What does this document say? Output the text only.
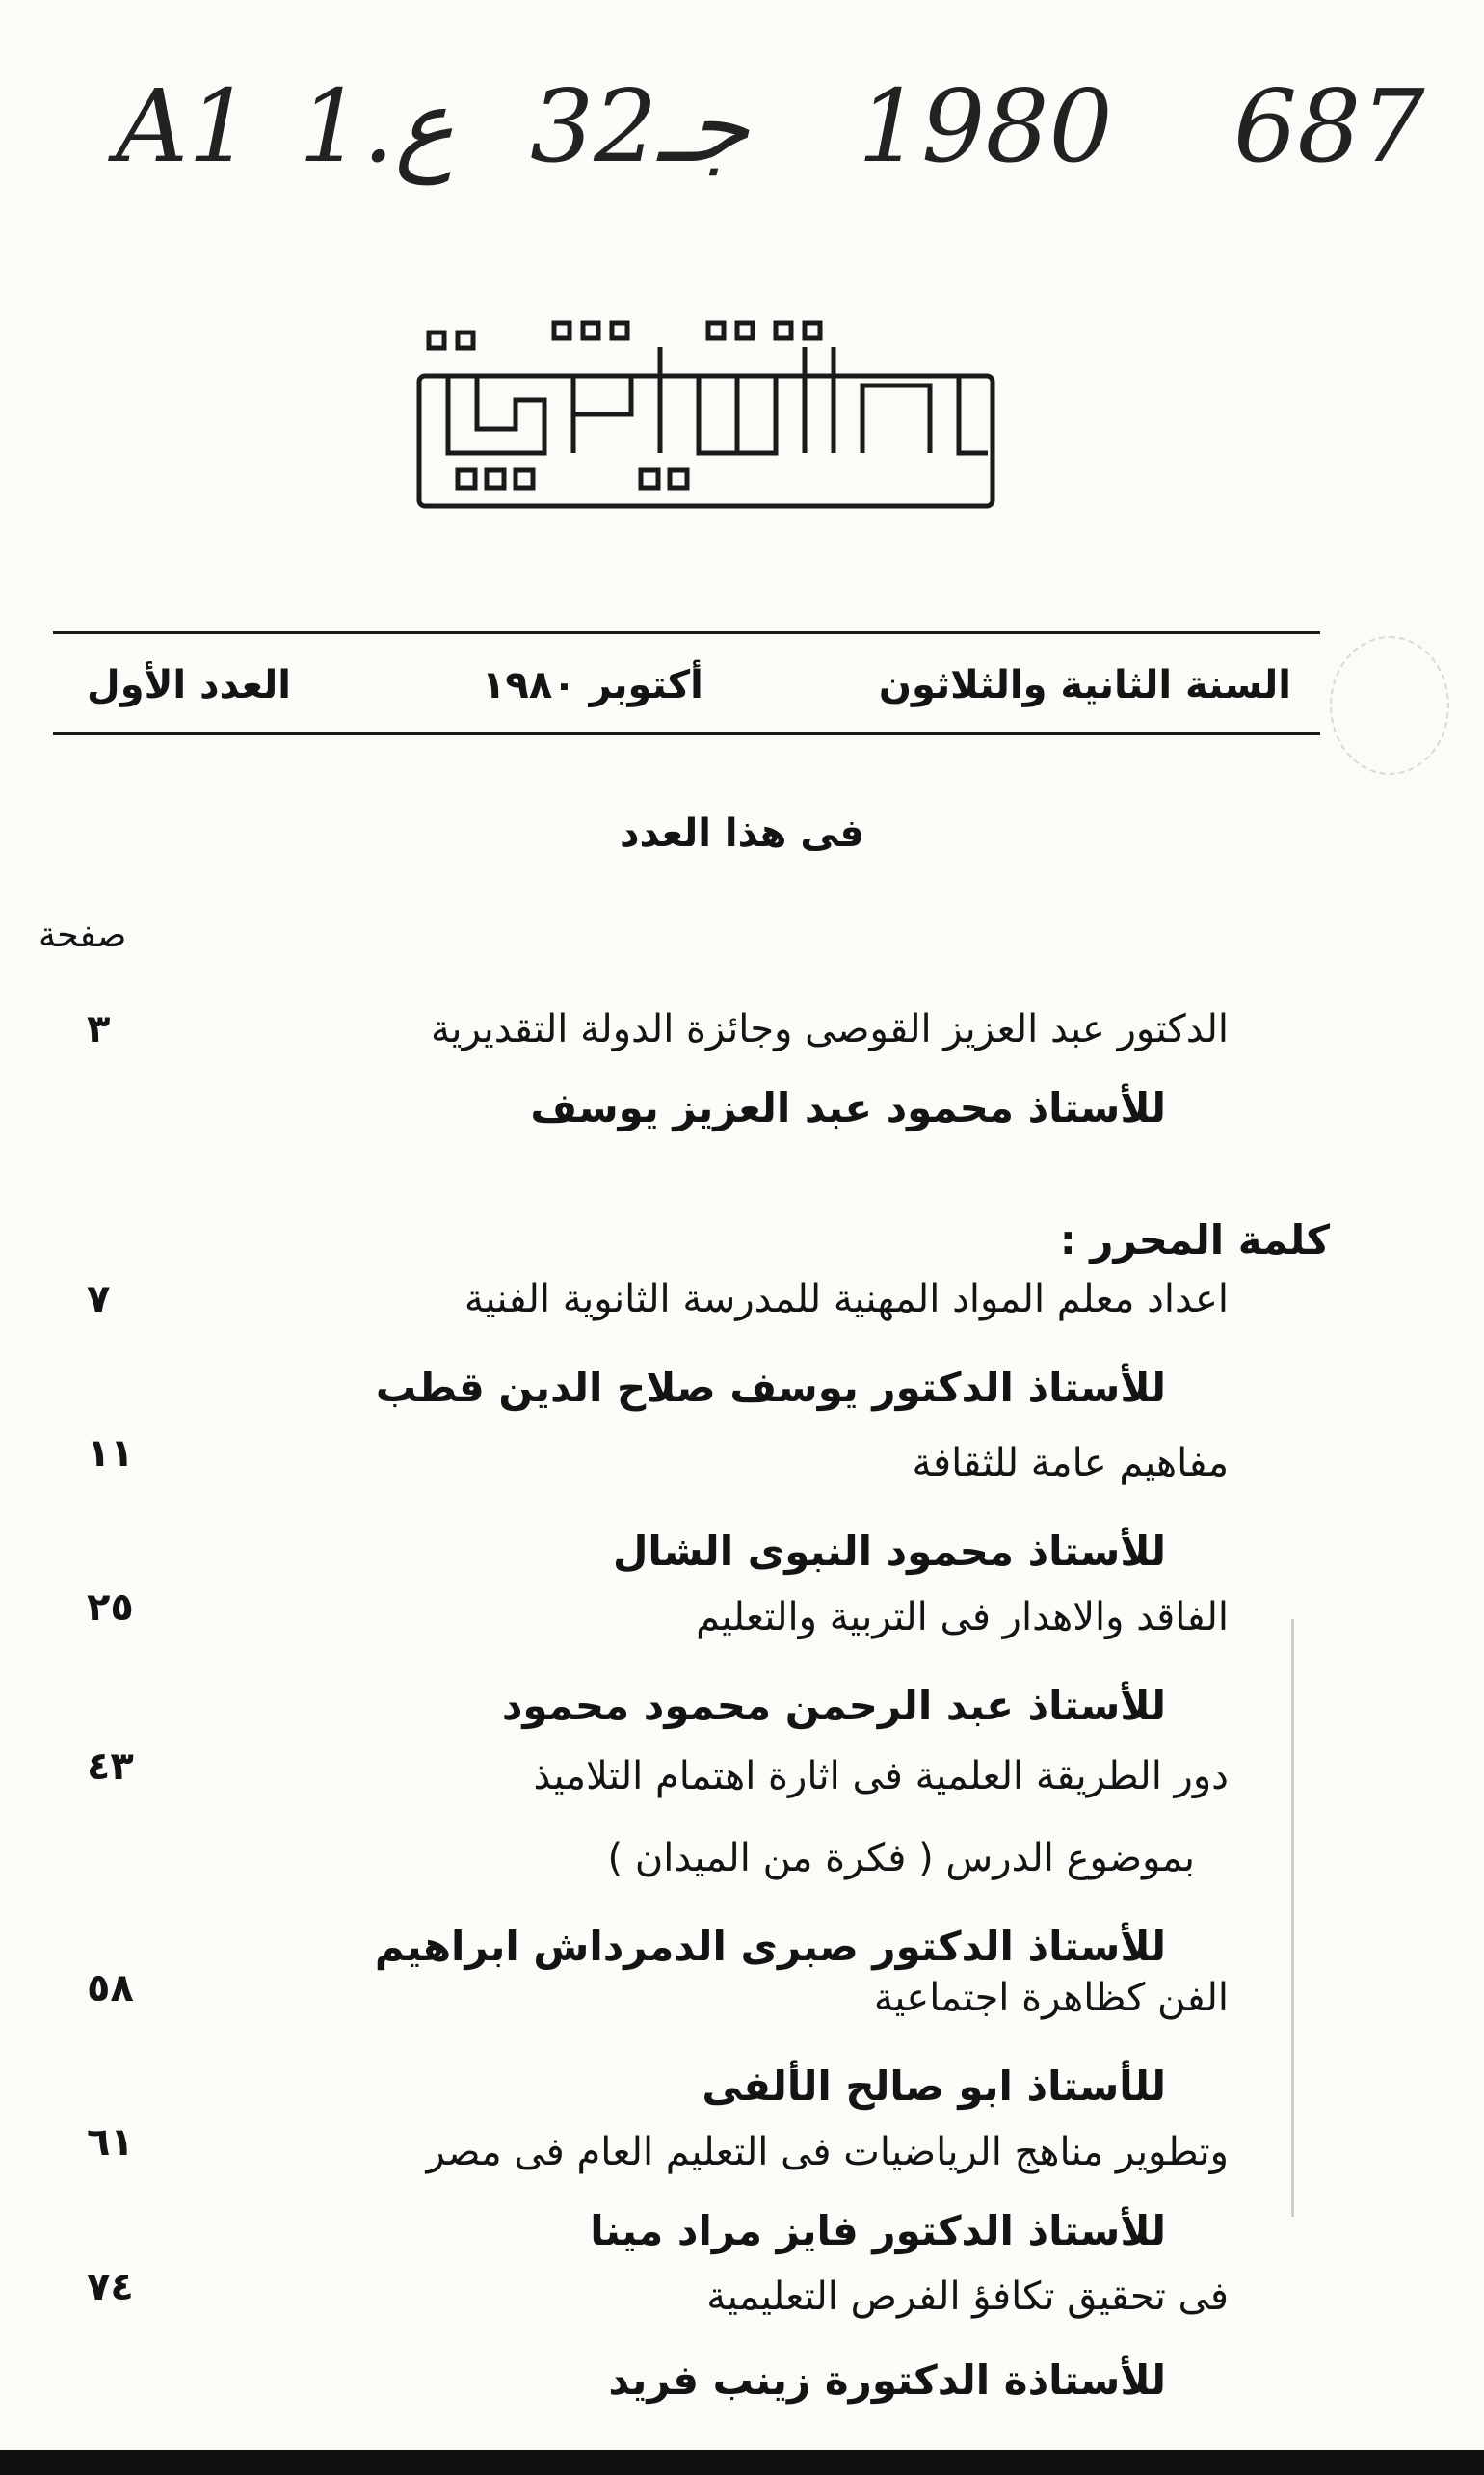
A1 1.ع 32جـ 1980 687
السنة الثانية والثلاثون
أكتوبر ١٩٨٠
العدد الأول
فى هذا العدد
صفحة
٣	الدكتور عبد العزيز القوصى وجائزة الدولة التقديرية
للأستاذ محمود عبد العزيز يوسف
كلمة المحرر :
٧	اعداد معلم المواد المهنية للمدرسة الثانوية الفنية
للأستاذ الدكتور يوسف صلاح الدين قطب
١١	مفاهيم عامة للثقافة
للأستاذ محمود النبوى الشال
٢٥	الفاقد والاهدار فى التربية والتعليم
للأستاذ عبد الرحمن محمود محمود
٤٣	دور الطريقة العلمية فى اثارة اهتمام التلاميذ
بموضوع الدرس ( فكرة من الميدان )
للأستاذ الدكتور صبرى الدمرداش ابراهيم
٥٨	الفن كظاهرة اجتماعية
للأستاذ ابو صالح الألفى
٦١	وتطوير مناهج الرياضيات فى التعليم العام فى مصر
للأستاذ الدكتور فايز مراد مينا
٧٤	فى تحقيق تكافؤ الفرص التعليمية
للأستاذة الدكتورة زينب فريد
